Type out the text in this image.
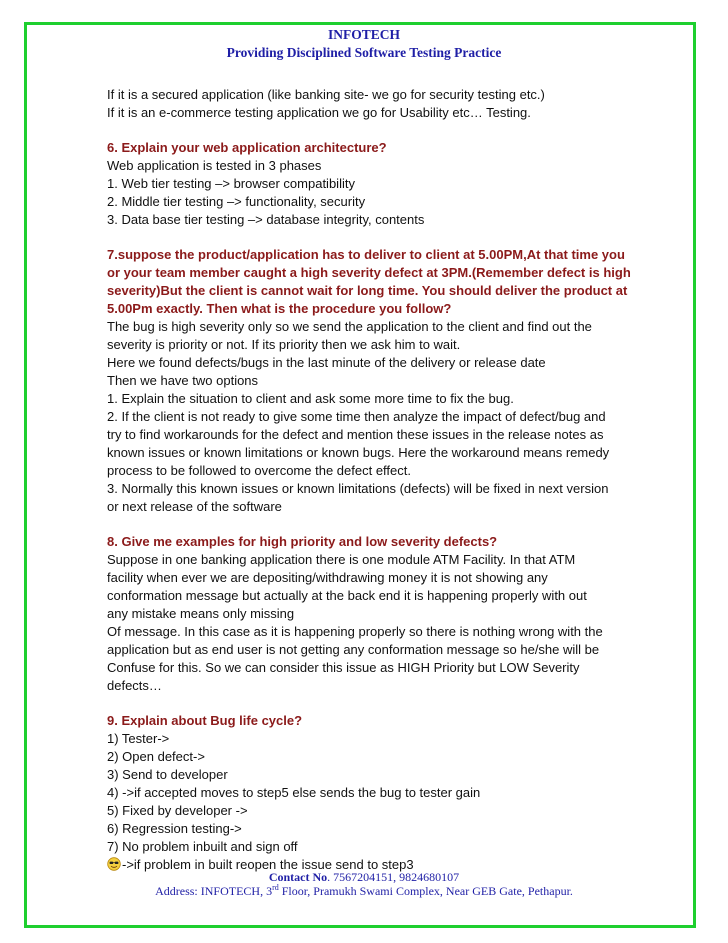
INFOTECH
Providing Disciplined Software Testing Practice
If it is a secured application (like banking site- we go for security testing etc.)
If it is an e-commerce testing application we go for Usability etc… Testing.
6. Explain your web application architecture?
Web application is tested in 3 phases
1. Web tier testing –> browser compatibility
2. Middle tier testing –> functionality, security
3. Data base tier testing –> database integrity, contents
7.suppose the product/application has to deliver to client at 5.00PM,At that time you
or your team member caught a high severity defect at 3PM.(Remember defect is high
severity)But the client is cannot wait for long time. You should deliver the product at
5.00Pm exactly. Then what is the procedure you follow?
The bug is high severity only so we send the application to the client and find out the
severity is priority or not. If its priority then we ask him to wait.
Here we found defects/bugs in the last minute of the delivery or release date
Then we have two options
1. Explain the situation to client and ask some more time to fix the bug.
2. If the client is not ready to give some time then analyze the impact of defect/bug and
try to find workarounds for the defect and mention these issues in the release notes as
known issues or known limitations or known bugs. Here the workaround means remedy
process to be followed to overcome the defect effect.
3. Normally this known issues or known limitations (defects) will be fixed in next version
or next release of the software
8. Give me examples for high priority and low severity defects?
Suppose in one banking application there is one module ATM Facility. In that ATM
facility when ever we are depositing/withdrawing money it is not showing any
conformation message but actually at the back end it is happening properly with out
any mistake means only missing
Of message. In this case as it is happening properly so there is nothing wrong with the
application but as end user is not getting any conformation message so he/she will be
Confuse for this. So we can consider this issue as HIGH Priority but LOW Severity
defects…
9. Explain about Bug life cycle?
1) Tester->
2) Open defect->
3) Send to developer
4) ->if accepted moves to step5 else sends the bug to tester gain
5) Fixed by developer ->
6) Regression testing->
7) No problem inbuilt and sign off
->if problem in built reopen the issue send to step3
Contact No. 7567204151, 9824680107
Address: INFOTECH, 3rd Floor, Pramukh Swami Complex, Near GEB Gate, Pethapur.
